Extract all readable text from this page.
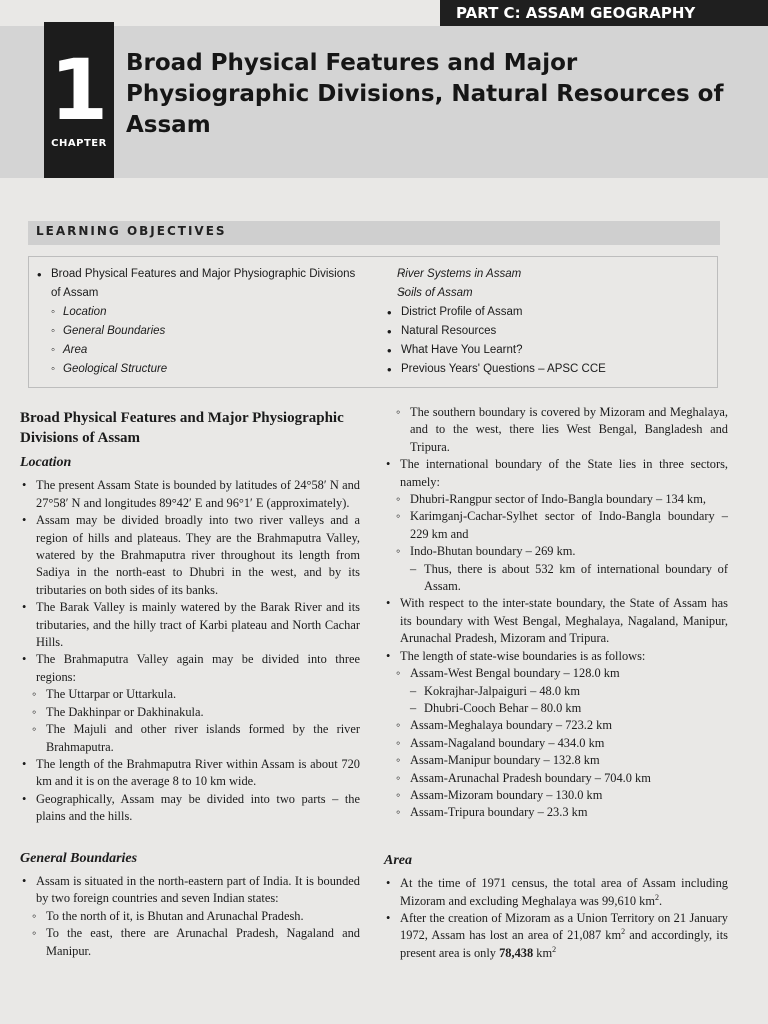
PART C: ASSAM GEOGRAPHY
1
CHAPTER
Broad Physical Features and Major Physiographic Divisions, Natural Resources of Assam
LEARNING OBJECTIVES
• Broad Physical Features and Major Physiographic Divisions of Assam
◦ Location
◦ General Boundaries
◦ Area
◦ Geological Structure
◦ River Systems in Assam
◦ Soils of Assam
• District Profile of Assam
• Natural Resources
• What Have You Learnt?
• Previous Years' Questions – APSC CCE
Broad Physical Features and Major Physiographic Divisions of Assam
Location
• The present Assam State is bounded by latitudes of 24°58′ N and 27°58′ N and longitudes 89°42′ E and 96°1′ E (approximately).
• Assam may be divided broadly into two river valleys and a region of hills and plateaus. They are the Brahmaputra Valley, watered by the Brahmaputra river throughout its length from Sadiya in the north-east to Dhubri in the west, and by its tributaries on both sides of its banks.
• The Barak Valley is mainly watered by the Barak River and its tributaries, and the hilly tract of Karbi plateau and North Cachar Hills.
• The Brahmaputra Valley again may be divided into three regions:
◦ The Uttarpar or Uttarkula.
◦ The Dakhinpar or Dakhinakula.
◦ The Majuli and other river islands formed by the river Brahmaputra.
• The length of the Brahmaputra River within Assam is about 720 km and it is on the average 8 to 10 km wide.
• Geographically, Assam may be divided into two parts – the plains and the hills.
General Boundaries
• Assam is situated in the north-eastern part of India. It is bounded by two foreign countries and seven Indian states:
◦ To the north of it, is Bhutan and Arunachal Pradesh.
◦ To the east, there are Arunachal Pradesh, Nagaland and Manipur.
◦ The southern boundary is covered by Mizoram and Meghalaya, and to the west, there lies West Bengal, Bangladesh and Tripura.
• The international boundary of the State lies in three sectors, namely:
◦ Dhubri-Rangpur sector of Indo-Bangla boundary – 134 km,
◦ Karimganj-Cachar-Sylhet sector of Indo-Bangla boundary – 229 km and
◦ Indo-Bhutan boundary – 269 km.
– Thus, there is about 532 km of international boundary of Assam.
• With respect to the inter-state boundary, the State of Assam has its boundary with West Bengal, Meghalaya, Nagaland, Manipur, Arunachal Pradesh, Mizoram and Tripura.
• The length of state-wise boundaries is as follows:
◦ Assam-West Bengal boundary – 128.0 km
– Kokrajhar-Jalpaiguri – 48.0 km
– Dhubri-Cooch Behar – 80.0 km
◦ Assam-Meghalaya boundary – 723.2 km
◦ Assam-Nagaland boundary – 434.0 km
◦ Assam-Manipur boundary – 132.8 km
◦ Assam-Arunachal Pradesh boundary – 704.0 km
◦ Assam-Mizoram boundary – 130.0 km
◦ Assam-Tripura boundary – 23.3 km
Area
• At the time of 1971 census, the total area of Assam including Mizoram and excluding Meghalaya was 99,610 $km^2$.
• After the creation of Mizoram as a Union Territory on 21 January 1972, Assam has lost an area of 21,087 $km^2$ and accordingly, its present area is only 78,438 $km^2$
